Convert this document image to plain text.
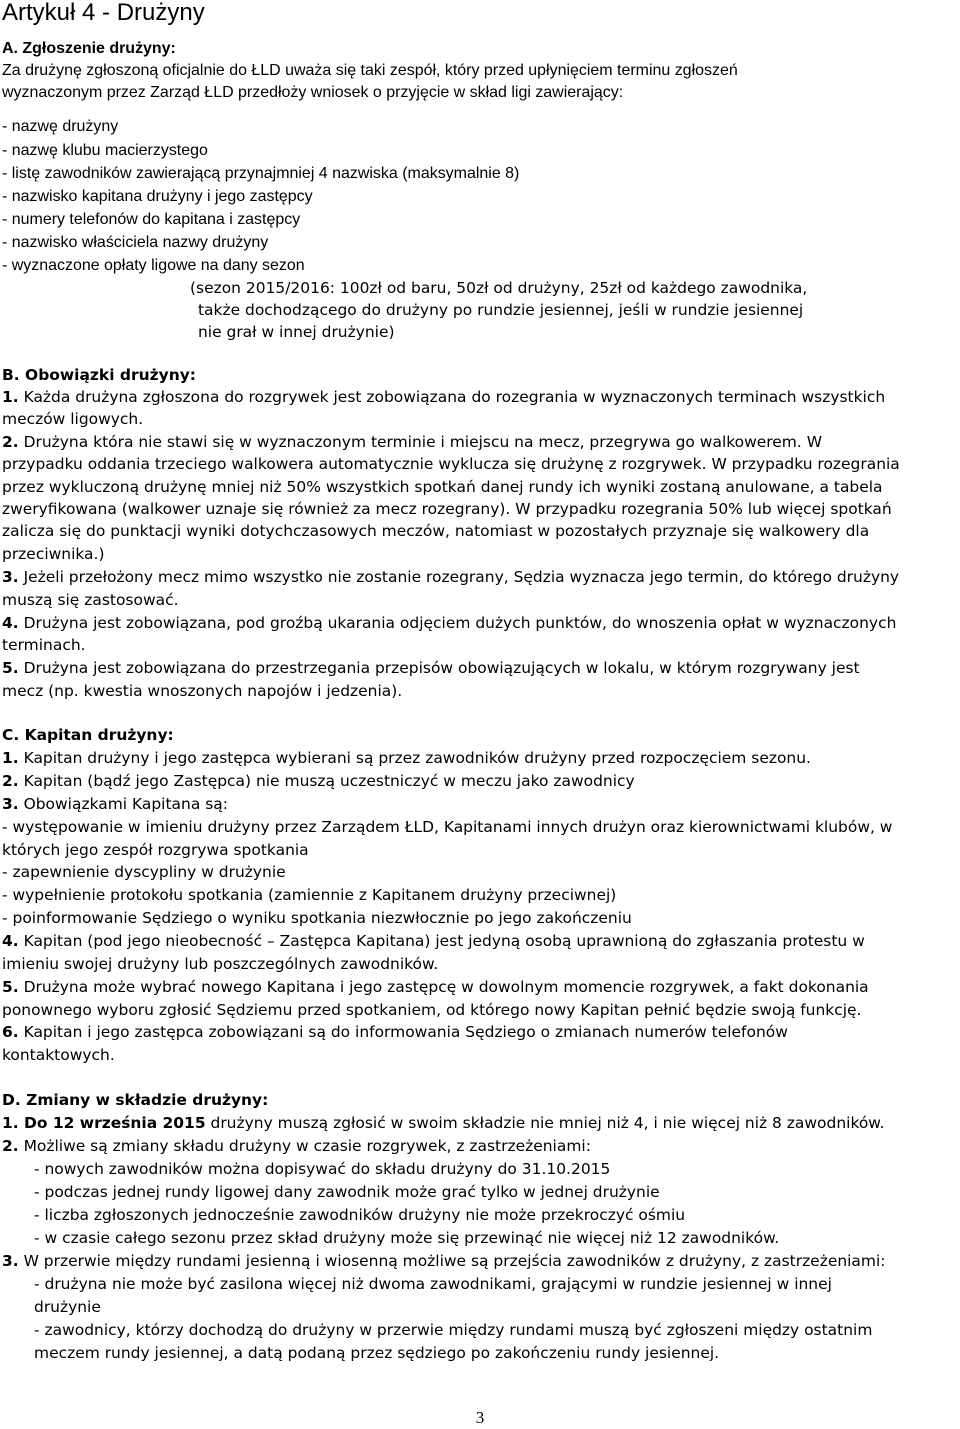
Artykuł 4 - Drużyny
A. Zgłoszenie drużyny:
Za drużynę zgłoszoną oficjalnie do ŁLD uważa się taki zespół, który przed upłynięciem terminu zgłoszeń
wyznaczonym przez Zarząd ŁLD przedłoży wniosek o przyjęcie w skład ligi zawierający:
- nazwę drużyny
- nazwę klubu macierzystego
- listę zawodników zawierającą przynajmniej 4 nazwiska (maksymalnie 8)
- nazwisko kapitana drużyny i jego zastępcy
- numery telefonów do kapitana i zastępcy
- nazwisko właściciela nazwy drużyny
- wyznaczone opłaty ligowe na dany sezon
(sezon 2015/2016: 100zł od baru, 50zł od drużyny, 25zł od każdego zawodnika,
także dochodzącego do drużyny po rundzie jesiennej, jeśli w rundzie jesiennej
nie grał w innej drużynie)
B. Obowiązki drużyny:
1. Każda drużyna zgłoszona do rozgrywek jest zobowiązana do rozegrania w wyznaczonych terminach wszystkich
meczów ligowych.
2. Drużyna która nie stawi się w wyznaczonym terminie i miejscu na mecz, przegrywa go walkowerem. W
przypadku oddania trzeciego walkowera automatycznie wyklucza się drużynę z rozgrywek. W przypadku rozegrania
przez wykluczoną drużynę mniej niż 50% wszystkich spotkań danej rundy ich wyniki zostaną anulowane, a tabela
zweryfikowana (walkower uznaje się również za mecz rozegrany). W przypadku rozegrania 50% lub więcej spotkań
zalicza się do punktacji wyniki dotychczasowych meczów, natomiast w pozostałych przyznaje się walkowery dla
przeciwnika.)
3. Jeżeli przełożony mecz mimo wszystko nie zostanie rozegrany, Sędzia wyznacza jego termin, do którego drużyny
muszą się zastosować.
4. Drużyna jest zobowiązana, pod groźbą ukarania odjęciem dużych punktów, do wnoszenia opłat w wyznaczonych
terminach.
5. Drużyna jest zobowiązana do przestrzegania przepisów obowiązujących w lokalu, w którym rozgrywany jest
mecz (np. kwestia wnoszonych napojów i jedzenia).
C. Kapitan drużyny:
1. Kapitan drużyny i jego zastępca wybierani są przez zawodników drużyny przed rozpoczęciem sezonu.
2. Kapitan (bądź jego Zastępca) nie muszą uczestniczyć w meczu jako zawodnicy
3. Obowiązkami Kapitana są:
- występowanie w imieniu drużyny przez Zarządem ŁLD, Kapitanami innych drużyn oraz kierownictwami klubów, w
których jego zespół rozgrywa spotkania
- zapewnienie dyscypliny w drużynie
- wypełnienie protokołu spotkania (zamiennie z Kapitanem drużyny przeciwnej)
- poinformowanie Sędziego o wyniku spotkania niezwłocznie po jego zakończeniu
4. Kapitan (pod jego nieobecność – Zastępca Kapitana) jest jedyną osobą uprawnioną do zgłaszania protestu w
imieniu swojej drużyny lub poszczególnych zawodników.
5. Drużyna może wybrać nowego Kapitana i jego zastępcę w dowolnym momencie rozgrywek, a fakt dokonania
ponownego wyboru zgłosić Sędziemu przed spotkaniem, od którego nowy Kapitan pełnić będzie swoją funkcję.
6. Kapitan i jego zastępca zobowiązani są do informowania Sędziego o zmianach numerów telefonów
kontaktowych.
D. Zmiany w składzie drużyny:
1. Do 12 września 2015 drużyny muszą zgłosić w swoim składzie nie mniej niż 4, i nie więcej niż 8 zawodników.
2. Możliwe są zmiany składu drużyny w czasie rozgrywek, z zastrzeżeniami:
- nowych zawodników można dopisywać do składu drużyny do 31.10.2015
- podczas jednej rundy ligowej dany zawodnik może grać tylko w jednej drużynie
- liczba zgłoszonych jednocześnie zawodników drużyny nie może przekroczyć ośmiu
- w czasie całego sezonu przez skład drużyny może się przewinąć nie więcej niż 12 zawodników.
3. W przerwie między rundami jesienną i wiosenną możliwe są przejścia zawodników z drużyny, z zastrzeżeniami:
- drużyna nie może być zasilona więcej niż dwoma zawodnikami, grającymi w rundzie jesiennej w innej
drużynie
- zawodnicy, którzy dochodzą do drużyny w przerwie między rundami muszą być zgłoszeni między ostatnim
meczem rundy jesiennej, a datą podaną przez sędziego po zakończeniu rundy jesiennej.
3
